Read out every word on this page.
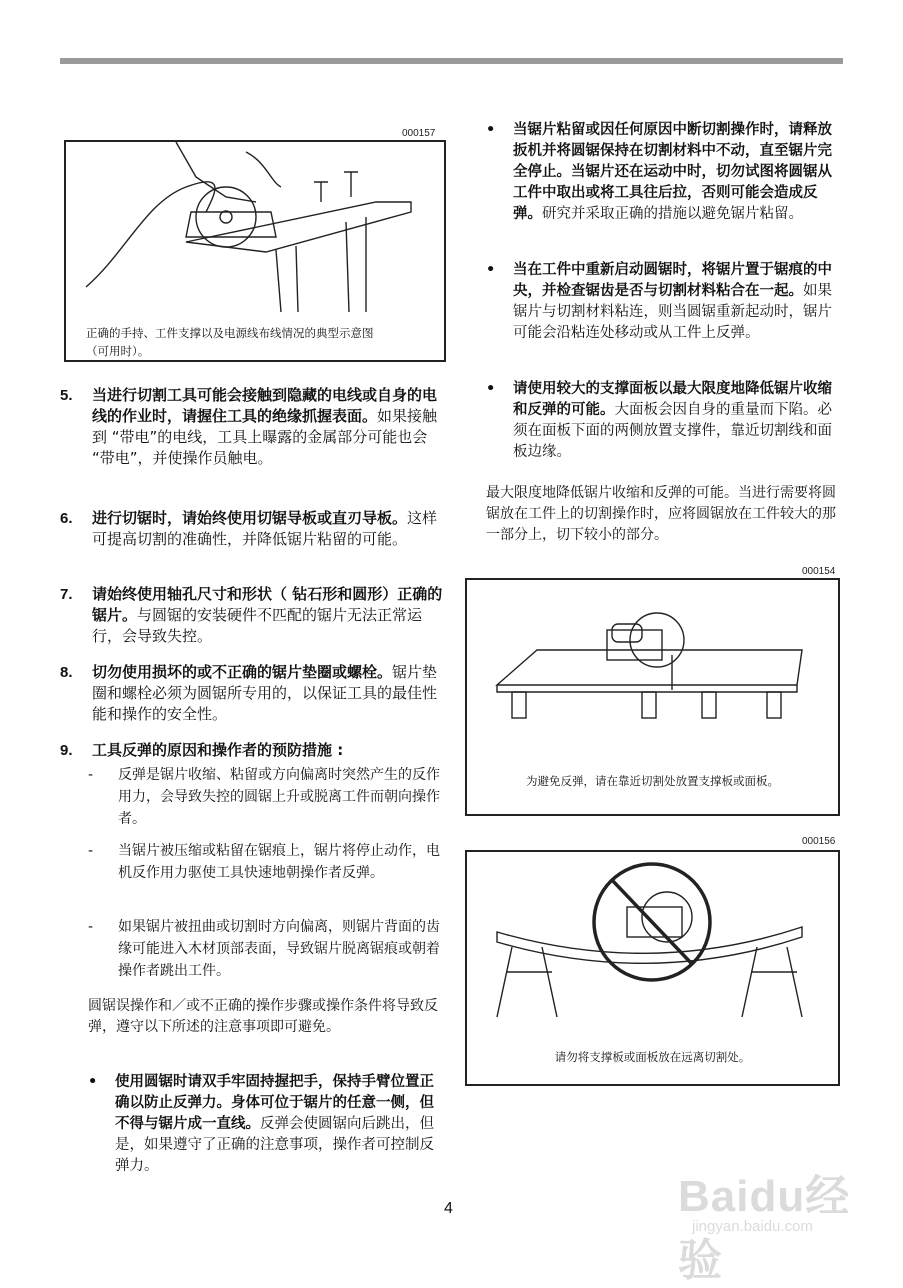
000157
正确的手持、工件支撑以及电源线布线情况的典型示意图
（可用时）。
5. 当进行切割工具可能会接触到隐藏的电线或自身的电线的作业时，请握住工具的绝缘抓握表面。如果接触到 “带电”的电线，工具上曝露的金属部分可能也会 “带电”，并使操作员触电。
6. 进行切锯时，请始终使用切锯导板或直刃导板。这样可提高切割的准确性，并降低锯片粘留的可能。
7. 请始终使用轴孔尺寸和形状（ 钻石形和圆形）正确的锯片。与圆锯的安装硬件不匹配的锯片无法正常运行，会导致失控。
8. 切勿使用损坏的或不正确的锯片垫圈或螺栓。锯片垫圈和螺栓必须为圆锯所专用的，以保证工具的最佳性能和操作的安全性。
9. 工具反弹的原因和操作者的预防措施 :
- 反弹是锯片收缩、粘留或方向偏离时突然产生的反作用力，会导致失控的圆锯上升或脱离工件而朝向操作者。
- 当锯片被压缩或粘留在锯痕上，锯片将停止动作，电机反作用力驱使工具快速地朝操作者反弹。
- 如果锯片被扭曲或切割时方向偏离，则锯片背面的齿缘可能进入木材顶部表面，导致锯片脱离锯痕或朝着操作者跳出工件。
圆锯误操作和／或不正确的操作步骤或操作条件将导致反弹，遵守以下所述的注意事项即可避免。
• 使用圆锯时请双手牢固持握把手，保持手臂位置正确以防止反弹力。身体可位于锯片的任意一侧，但不得与锯片成一直线。反弹会使圆锯向后跳出，但是，如果遵守了正确的注意事项，操作者可控制反弹力。
• 当锯片粘留或因任何原因中断切割操作时，请释放扳机并将圆锯保持在切割材料中不动，直至锯片完全停止。当锯片还在运动中时，切勿试图将圆锯从工件中取出或将工具往后拉，否则可能会造成反弹。研究并采取正确的措施以避免锯片粘留。
• 当在工件中重新启动圆锯时，将锯片置于锯痕的中央，并检查锯齿是否与切割材料粘合在一起。如果锯片与切割材料粘连，则当圆锯重新起动时，锯片可能会沿粘连处移动或从工件上反弹。
• 请使用较大的支撑面板以最大限度地降低锯片收缩和反弹的可能。大面板会因自身的重量而下陷。必须在面板下面的两侧放置支撑件，靠近切割线和面板边缘。
最大限度地降低锯片收缩和反弹的可能。当进行需要将圆锯放在工件上的切割操作时，应将圆锯放在工件较大的那一部分上，切下较小的部分。
000154
为避免反弹，请在靠近切割处放置支撑板或面板。
000156
请勿将支撑板或面板放在远离切割处。
4	Baidu经验
jingyan.baidu.com
